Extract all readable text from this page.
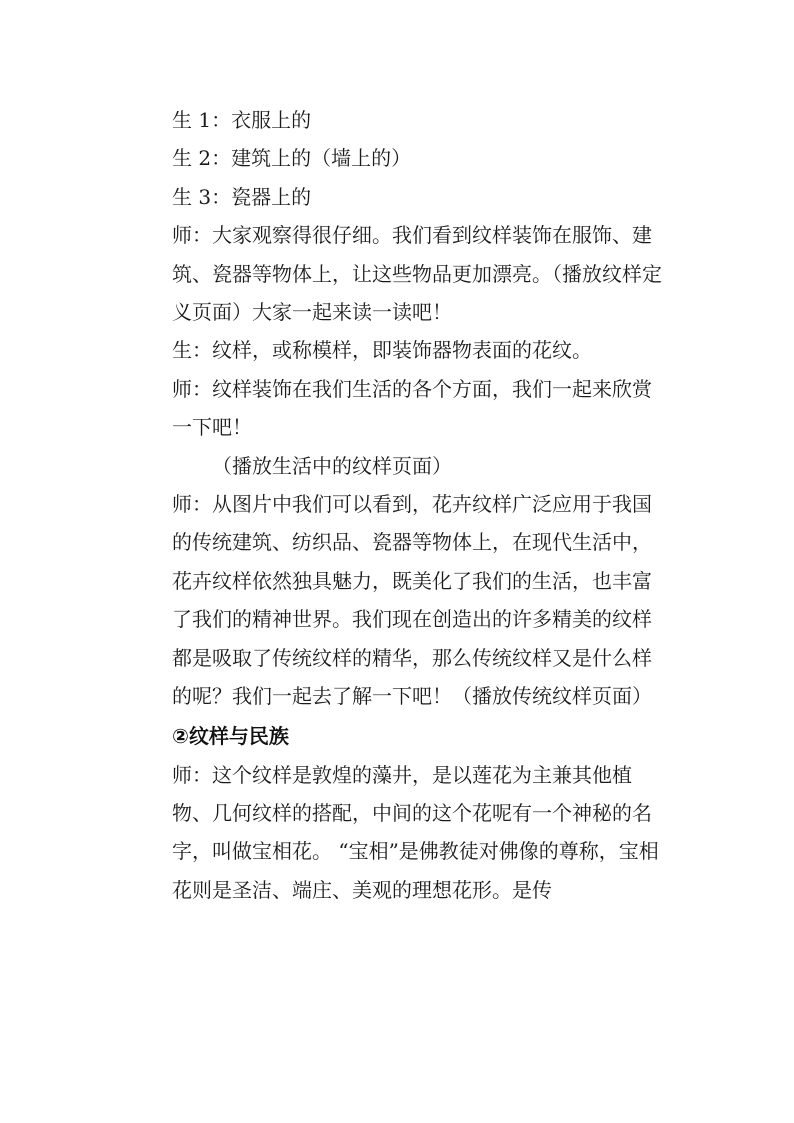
生 1：衣服上的

生 2：建筑上的（墙上的）

生 3：瓷器上的

师：大家观察得很仔细。我们看到纹样装饰在服饰、建筑、瓷器等物体上，让这些物品更加漂亮。（播放纹样定义页面）大家一起来读一读吧！

生：纹样，或称模样，即装饰器物表面的花纹。

师：纹样装饰在我们生活的各个方面，我们一起来欣赏一下吧！

（播放生活中的纹样页面）

师：从图片中我们可以看到，花卉纹样广泛应用于我国的传统建筑、纺织品、瓷器等物体上，在现代生活中，花卉纹样依然独具魅力，既美化了我们的生活，也丰富了我们的精神世界。我们现在创造出的许多精美的纹样都是吸取了传统纹样的精华，那么传统纹样又是什么样的呢？我们一起去了解一下吧！（播放传统纹样页面）

②纹样与民族

师：这个纹样是敦煌的藻井，是以莲花为主兼其他植物、几何纹样的搭配，中间的这个花呢有一个神秘的名字，叫做宝相花。 “宝相”是佛教徒对佛像的尊称，宝相花则是圣洁、端庄、美观的理想花形。是传
